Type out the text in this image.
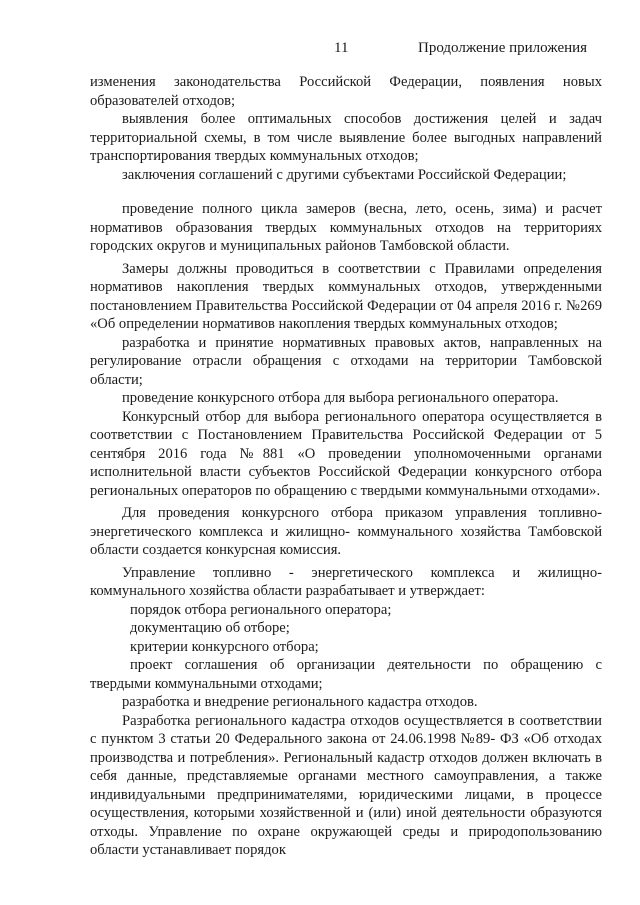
11	Продолжение приложения

изменения законодательства Российской Федерации, появления новых образователей отходов;

выявления более оптимальных способов достижения целей и задач территориальной схемы, в том числе выявление более выгодных направлений транспортирования твердых коммунальных отходов;

заключения соглашений с другими субъектами Российской Федерации;

проведение полного цикла замеров (весна, лето, осень, зима) и расчет нормативов образования твердых коммунальных отходов на территориях городских округов и муниципальных районов Тамбовской области.

Замеры должны проводиться в соответствии с Правилами определения нормативов накопления твердых коммунальных отходов, утвержденными постановлением Правительства Российской Федерации от 04 апреля 2016 г. №269 «Об определении нормативов накопления твердых коммунальных отходов;

разработка и принятие нормативных правовых актов, направленных на регулирование отрасли обращения с отходами на территории Тамбовской области;

проведение конкурсного отбора для выбора регионального оператора.

Конкурсный отбор для выбора регионального оператора осуществляется в соответствии с Постановлением Правительства Российской Федерации от 5 сентября 2016 года №881 «О проведении уполномоченными органами исполнительной власти субъектов Российской Федерации конкурсного отбора региональных операторов по обращению с твердыми коммунальными отходами».

Для проведения конкурсного отбора приказом управления топливно-энергетического комплекса и жилищно- коммунального хозяйства Тамбовской области создается конкурсная комиссия.

Управление топливно - энергетического комплекса и жилищно-коммунального хозяйства области разрабатывает и утверждает:

порядок отбора регионального оператора;

документацию об отборе;

критерии конкурсного отбора;

проект соглашения об организации деятельности по обращению с твердыми коммунальными отходами;

разработка и внедрение регионального кадастра отходов.

Разработка регионального кадастра отходов осуществляется в соответствии с пунктом 3 статьи 20 Федерального закона от 24.06.1998 №89- ФЗ «Об отходах производства и потребления». Региональный кадастр отходов должен включать в себя данные, представляемые органами местного самоуправления, а также индивидуальными предпринимателями, юридическими лицами, в процессе осуществления, которыми хозяйственной и (или) иной деятельности образуются отходы. Управление по охране окружающей среды и природопользованию области устанавливает порядок
